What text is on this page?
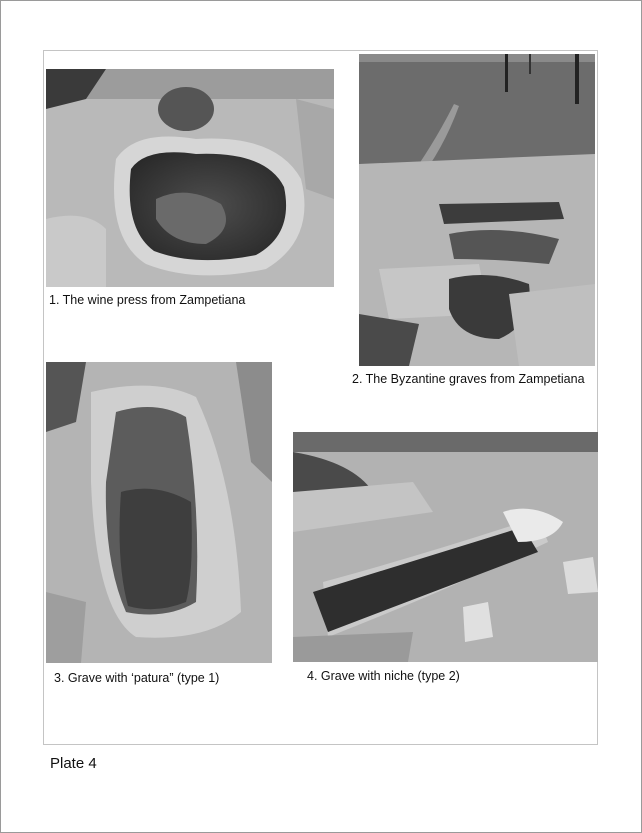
1. The wine press from Zampetiana
2. The Byzantine graves from Zampetiana
3. Grave with ‘patura” (type 1)	4. Grave with niche (type 2)
Plate 4
